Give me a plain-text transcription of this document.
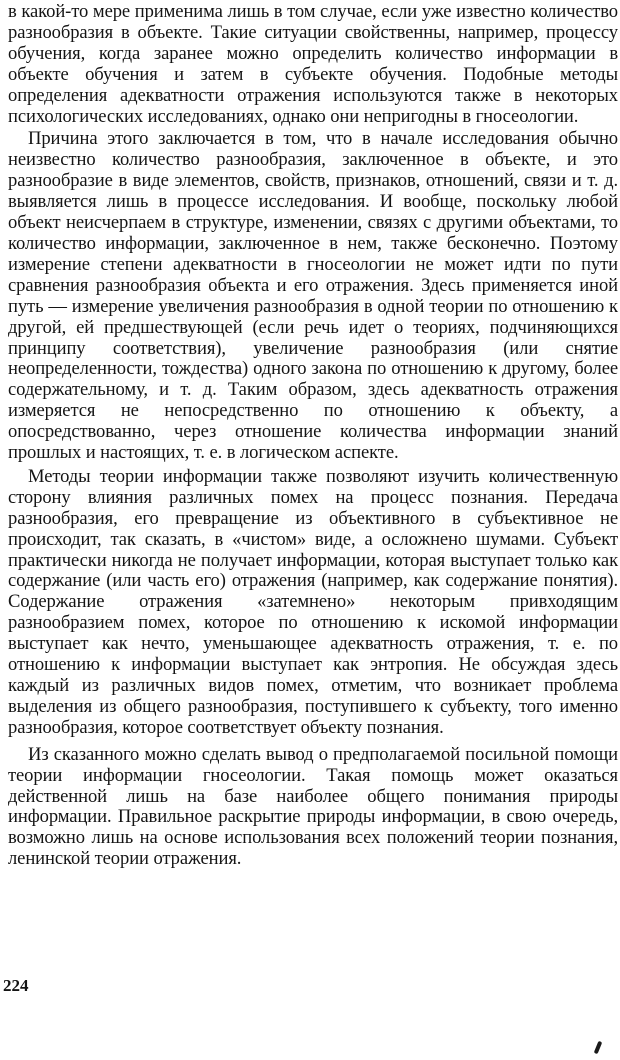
в какой-то мере применима лишь в том случае, если уже известно количество разнообразия в объекте. Такие ситуации свойственны, например, процессу обучения, когда заранее можно определить количество информации в объекте обучения и затем в субъекте обучения. Подобные методы определения адекватности отражения используются также в некоторых психологических исследованиях, однако они непригодны в гносеологии.

Причина этого заключается в том, что в начале исследования обычно неизвестно количество разнообразия, заключенное в объекте, и это разнообразие в виде элементов, свойств, признаков, отношений, связи и т. д. выявляется лишь в процессе исследования. И вообще, поскольку любой объект неисчерпаем в структуре, изменении, связях с другими объектами, то количество информации, заключенное в нем, также бесконечно. Поэтому измерение степени адекватности в гносеологии не может идти по пути сравнения разнообразия объекта и его отражения. Здесь применяется иной путь — измерение увеличения разнообразия в одной теории по отношению к другой, ей предшествующей (если речь идет о теориях, подчиняющихся принципу соответствия), увеличение разнообразия (или снятие неопределенности, тождества) одного закона по отношению к другому, более содержательному, и т. д. Таким образом, здесь адекватность отражения измеряется не непосредственно по отношению к объекту, а опосредствованно, через отношение количества информации знаний прошлых и настоящих, т. е. в логическом аспекте.

Методы теории информации также позволяют изучить количественную сторону влияния различных помех на процесс познания. Передача разнообразия, его превращение из объективного в субъективное не происходит, так сказать, в «чистом» виде, а осложнено шумами. Субъект практически никогда не получает информации, которая выступает только как содержание (или часть его) отражения (например, как содержание понятия). Содержание отражения «затемнено» некоторым привходящим разнообразием помех, которое по отношению к искомой информации выступает как нечто, уменьшающее адекватность отражения, т. е. по отношению к информации выступает как энтропия. Не обсуждая здесь каждый из различных видов помех, отметим, что возникает проблема выделения из общего разнообразия, поступившего к субъекту, того именно разнообразия, которое соответствует объекту познания.

Из сказанного можно сделать вывод о предполагаемой посильной помощи теории информации гносеологии. Такая помощь может оказаться действенной лишь на базе наиболее общего понимания природы информации. Правильное раскрытие природы информации, в свою очередь, возможно лишь на основе использования всех положений теории познания, ленинской теории отражения.

224
